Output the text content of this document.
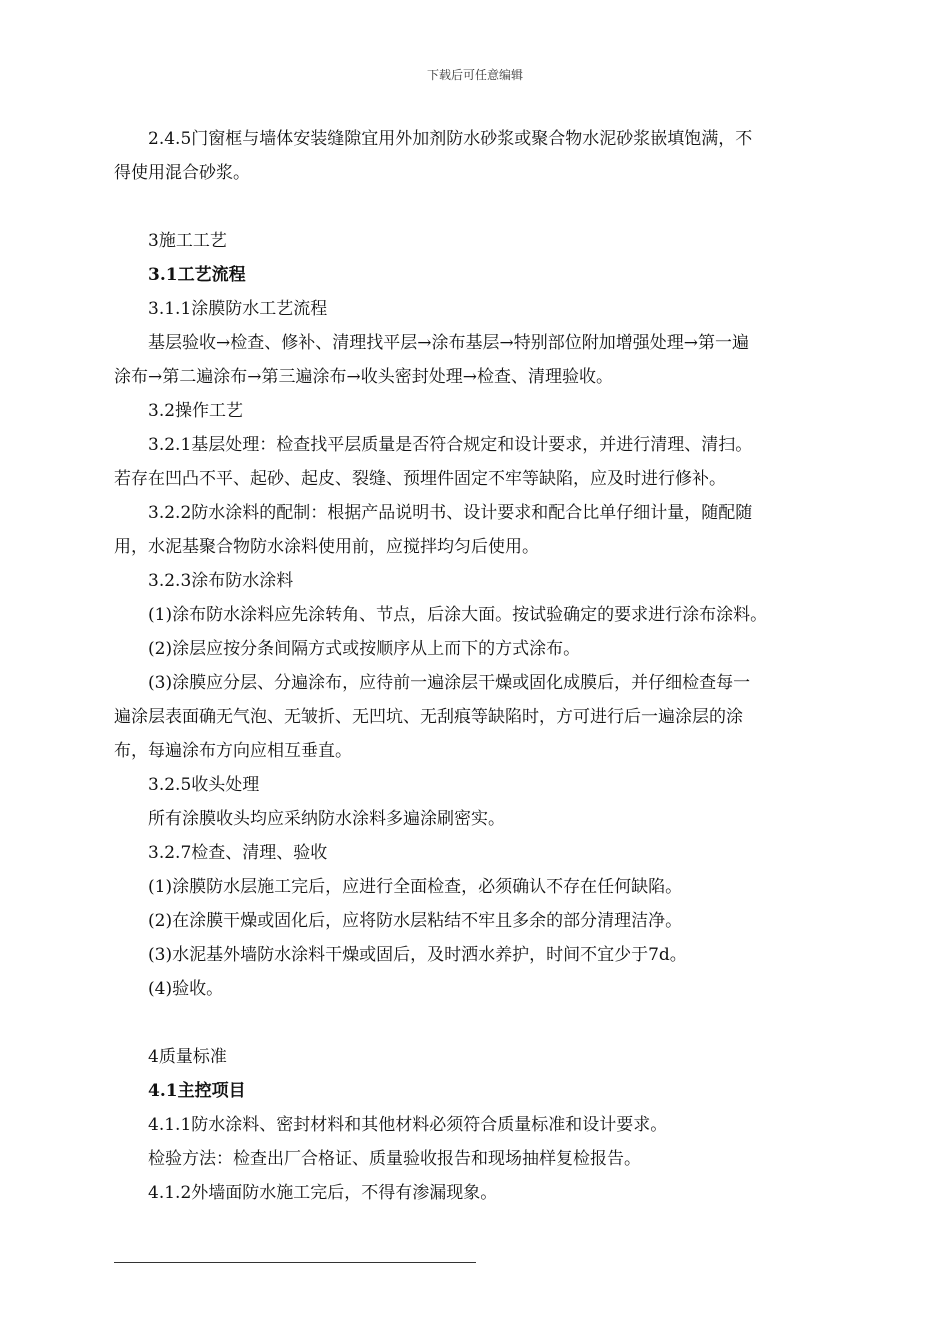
下载后可任意编辑
2.4.5门窗框与墙体安装缝隙宜用外加剂防水砂浆或聚合物水泥砂浆嵌填饱满，不
得使用混合砂浆。
3施工工艺
3.1工艺流程
3.1.1涂膜防水工艺流程
基层验收→检查、修补、清理找平层→涂布基层→特别部位附加增强处理→第一遍
涂布→第二遍涂布→第三遍涂布→收头密封处理→检查、清理验收。
3.2操作工艺
3.2.1基层处理：检查找平层质量是否符合规定和设计要求，并进行清理、清扫。
若存在凹凸不平、起砂、起皮、裂缝、预埋件固定不牢等缺陷，应及时进行修补。
3.2.2防水涂料的配制：根据产品说明书、设计要求和配合比单仔细计量，随配随
用，水泥基聚合物防水涂料使用前，应搅拌均匀后使用。
3.2.3涂布防水涂料
(1)涂布防水涂料应先涂转角、节点，后涂大面。按试验确定的要求进行涂布涂料。
(2)涂层应按分条间隔方式或按顺序从上而下的方式涂布。
(3)涂膜应分层、分遍涂布，应待前一遍涂层干燥或固化成膜后，并仔细检查每一
遍涂层表面确无气泡、无皱折、无凹坑、无刮痕等缺陷时，方可进行后一遍涂层的涂
布，每遍涂布方向应相互垂直。
3.2.5收头处理
所有涂膜收头均应采纳防水涂料多遍涂刷密实。
3.2.7检查、清理、验收
(1)涂膜防水层施工完后，应进行全面检查，必须确认不存在任何缺陷。
(2)在涂膜干燥或固化后，应将防水层粘结不牢且多余的部分清理洁净。
(3)水泥基外墙防水涂料干燥或固后，及时洒水养护，时间不宜少于7d。
(4)验收。
4质量标准
4.1主控项目
4.1.1防水涂料、密封材料和其他材料必须符合质量标准和设计要求。
检验方法：检查出厂合格证、质量验收报告和现场抽样复检报告。
4.1.2外墙面防水施工完后，不得有渗漏现象。
